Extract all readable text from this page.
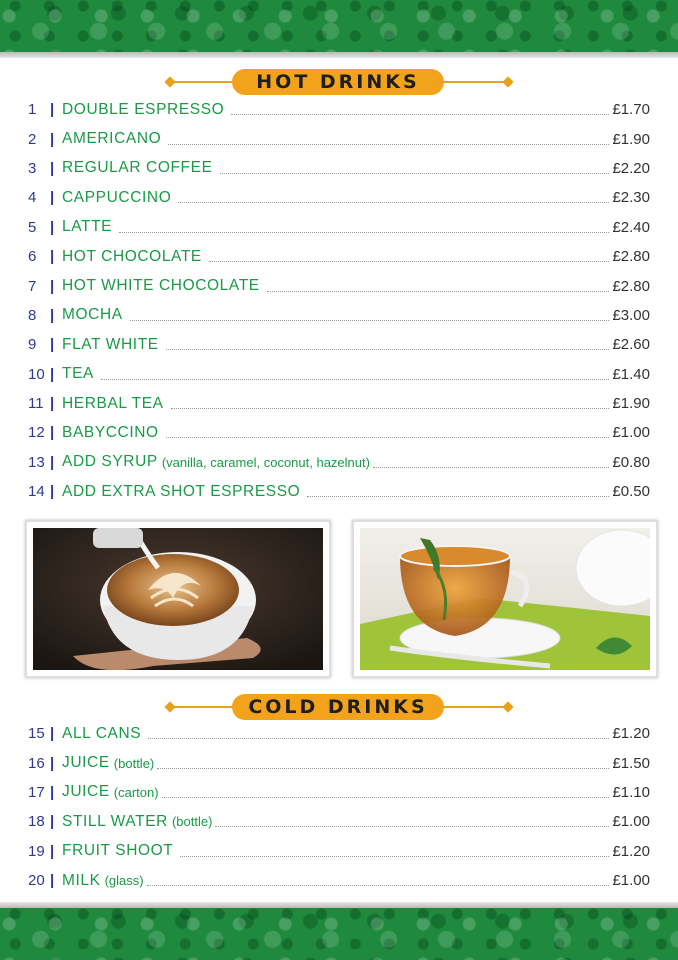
HOT DRINKS
1 | DOUBLE ESPRESSO	£1.70
2 | AMERICANO	£1.90
3 | REGULAR COFFEE	£2.20
4 | CAPPUCCINO	£2.30
5 | LATTE	£2.40
6 | HOT CHOCOLATE	£2.80
7 | HOT WHITE CHOCOLATE	£2.80
8 | MOCHA	£3.00
9 | FLAT WHITE	£2.60
10 | TEA	£1.40
11 | HERBAL TEA	£1.90
12 | BABYCCINO	£1.00
13 | ADD SYRUP (vanilla, caramel, coconut, hazelnut)	£0.80
14 | ADD EXTRA SHOT ESPRESSO	£0.50
COLD DRINKS
15 | ALL CANS	£1.20
16 | JUICE (bottle)	£1.50
17 | JUICE (carton)	£1.10
18 | STILL WATER (bottle)	£1.00
19 | FRUIT SHOOT	£1.20
20 | MILK (glass)	£1.00
